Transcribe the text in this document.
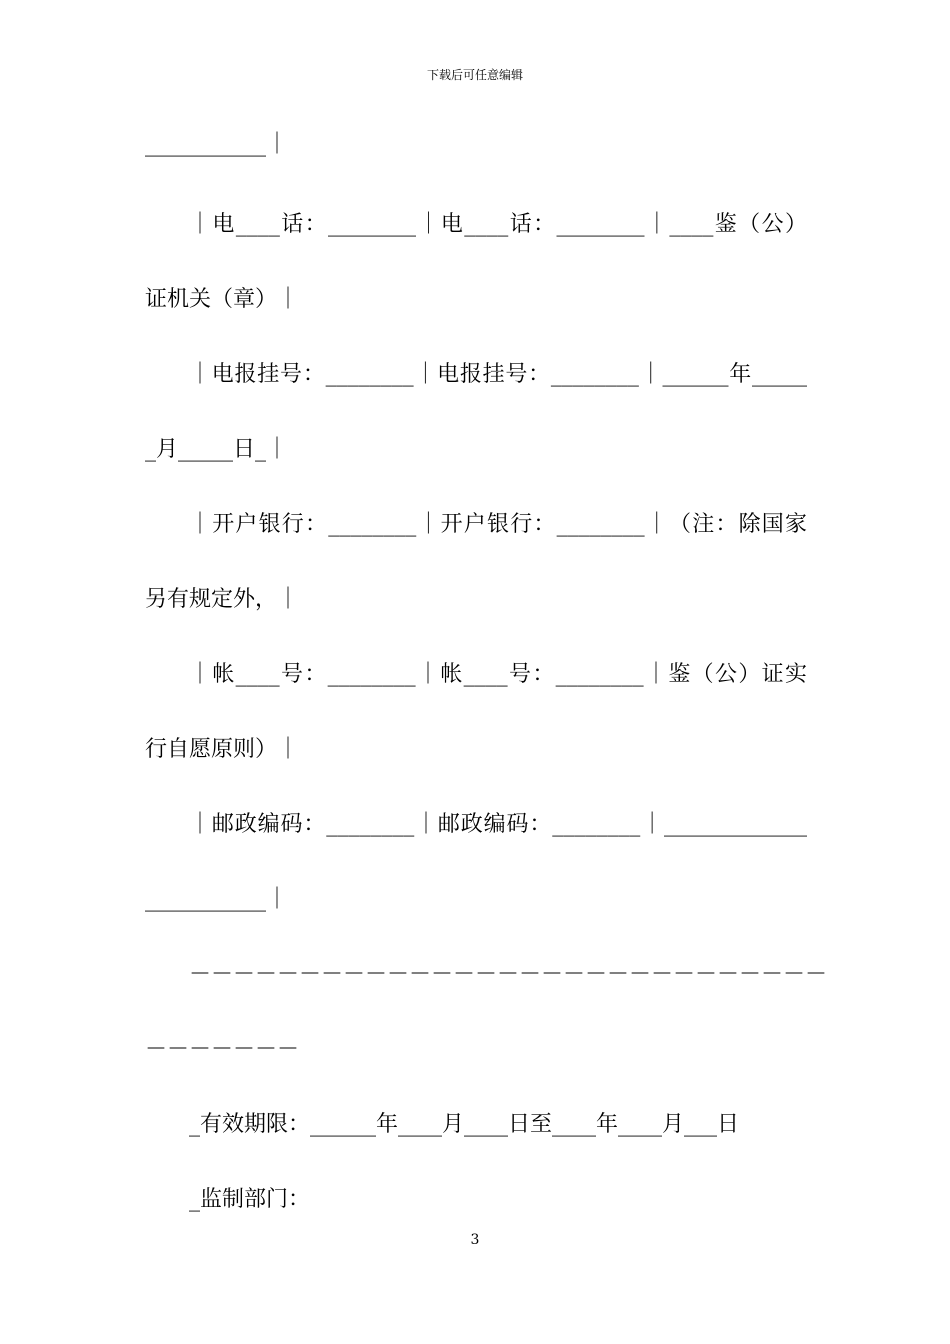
下载后可任意编辑
___________｜
｜电____话：________｜电____话：________｜____鉴（公）
证机关（章）｜
｜电报挂号：________｜电报挂号：________｜______年_____
_月_____日_｜
｜开户银行：________｜开户银行：________｜（注：除国家
另有规定外，｜
｜帐____号：________｜帐____号：________｜鉴（公）证实
行自愿原则）｜
｜邮政编码：________｜邮政编码：________｜_____________
___________｜
－－－－－－－－－－－－－－－－－－－－－－－－－－－－－
－－－－－－－
_有效期限：______年____月____日至____年____月___日
_监制部门：
3
